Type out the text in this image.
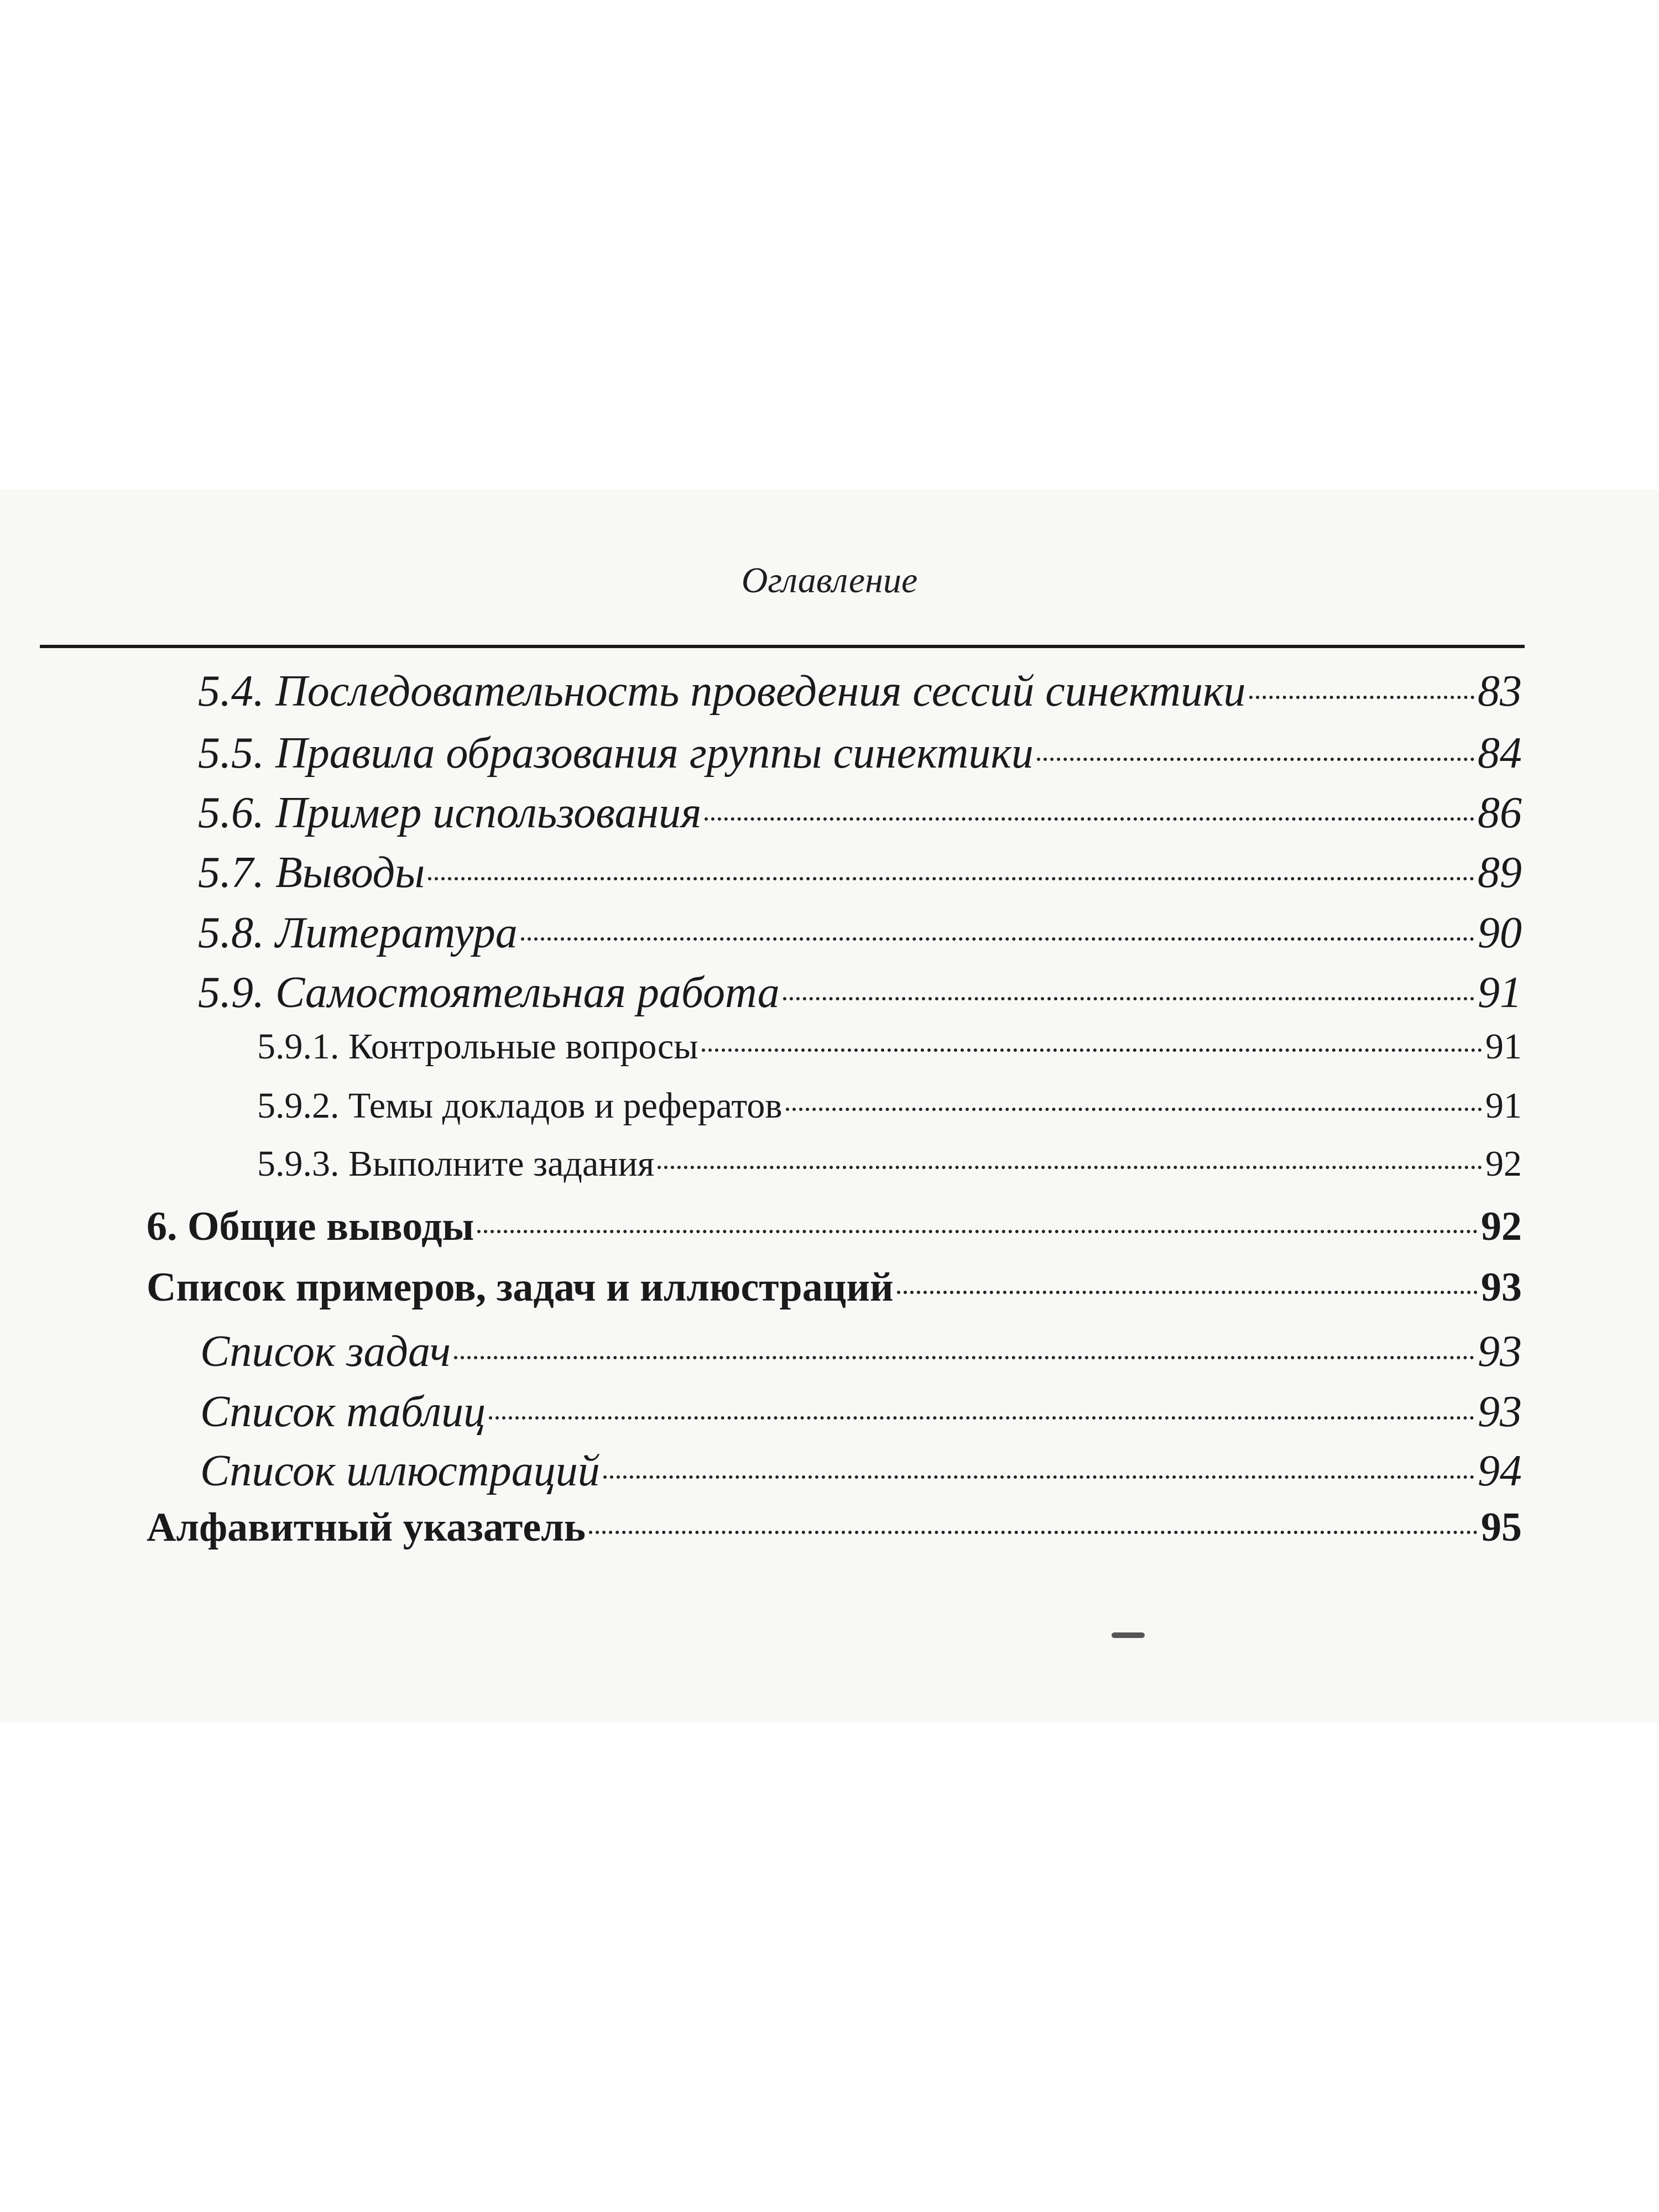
Оглавление
5.4. Последовательность проведения сессий синектики	83
5.5. Правила образования группы синектики	84
5.6. Пример использования	86
5.7. Выводы	89
5.8. Литература	90
5.9. Самостоятельная работа	91
5.9.1. Контрольные вопросы	91
5.9.2. Темы докладов и рефератов	91
5.9.3. Выполните задания	92
6. Общие выводы	92
Список примеров, задач и иллюстраций	93
Список задач	93
Список таблиц	93
Список иллюстраций	94
Алфавитный указатель	95
